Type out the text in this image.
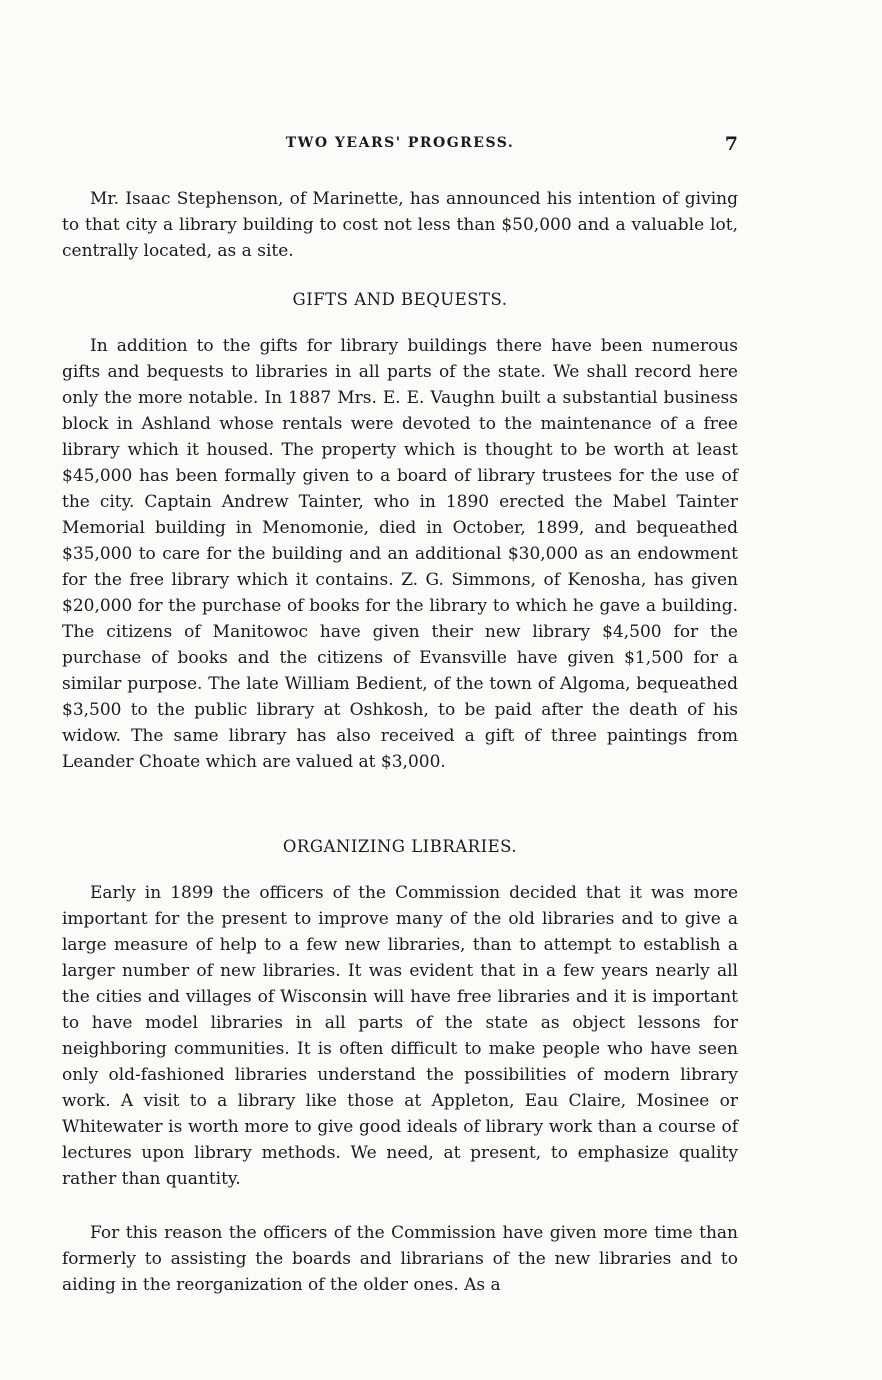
TWO YEARS' PROGRESS.	7

Mr. Isaac Stephenson, of Marinette, has announced his intention of giving to that city a library building to cost not less than $50,000 and a valuable lot, centrally located, as a site.

GIFTS AND BEQUESTS.

In addition to the gifts for library buildings there have been numerous gifts and bequests to libraries in all parts of the state. We shall record here only the more notable. In 1887 Mrs. E. E. Vaughn built a substantial business block in Ashland whose rentals were devoted to the maintenance of a free library which it housed. The property which is thought to be worth at least $45,000 has been formally given to a board of library trustees for the use of the city. Captain Andrew Tainter, who in 1890 erected the Mabel Tainter Memorial building in Menomonie, died in October, 1899, and bequeathed $35,000 to care for the building and an additional $30,000 as an endowment for the free library which it contains. Z. G. Simmons, of Kenosha, has given $20,000 for the purchase of books for the library to which he gave a building. The citizens of Manitowoc have given their new library $4,500 for the purchase of books and the citizens of Evansville have given $1,500 for a similar purpose. The late William Bedient, of the town of Algoma, bequeathed $3,500 to the public library at Oshkosh, to be paid after the death of his widow. The same library has also received a gift of three paintings from Leander Choate which are valued at $3,000.

ORGANIZING LIBRARIES.

Early in 1899 the officers of the Commission decided that it was more important for the present to improve many of the old libraries and to give a large measure of help to a few new libraries, than to attempt to establish a larger number of new libraries. It was evident that in a few years nearly all the cities and villages of Wisconsin will have free libraries and it is important to have model libraries in all parts of the state as object lessons for neighboring communities. It is often difficult to make people who have seen only old-fashioned libraries understand the possibilities of modern library work. A visit to a library like those at Appleton, Eau Claire, Mosinee or Whitewater is worth more to give good ideals of library work than a course of lectures upon library methods. We need, at present, to emphasize quality rather than quantity.

For this reason the officers of the Commission have given more time than formerly to assisting the boards and librarians of the new libraries and to aiding in the reorganization of the older ones. As a
